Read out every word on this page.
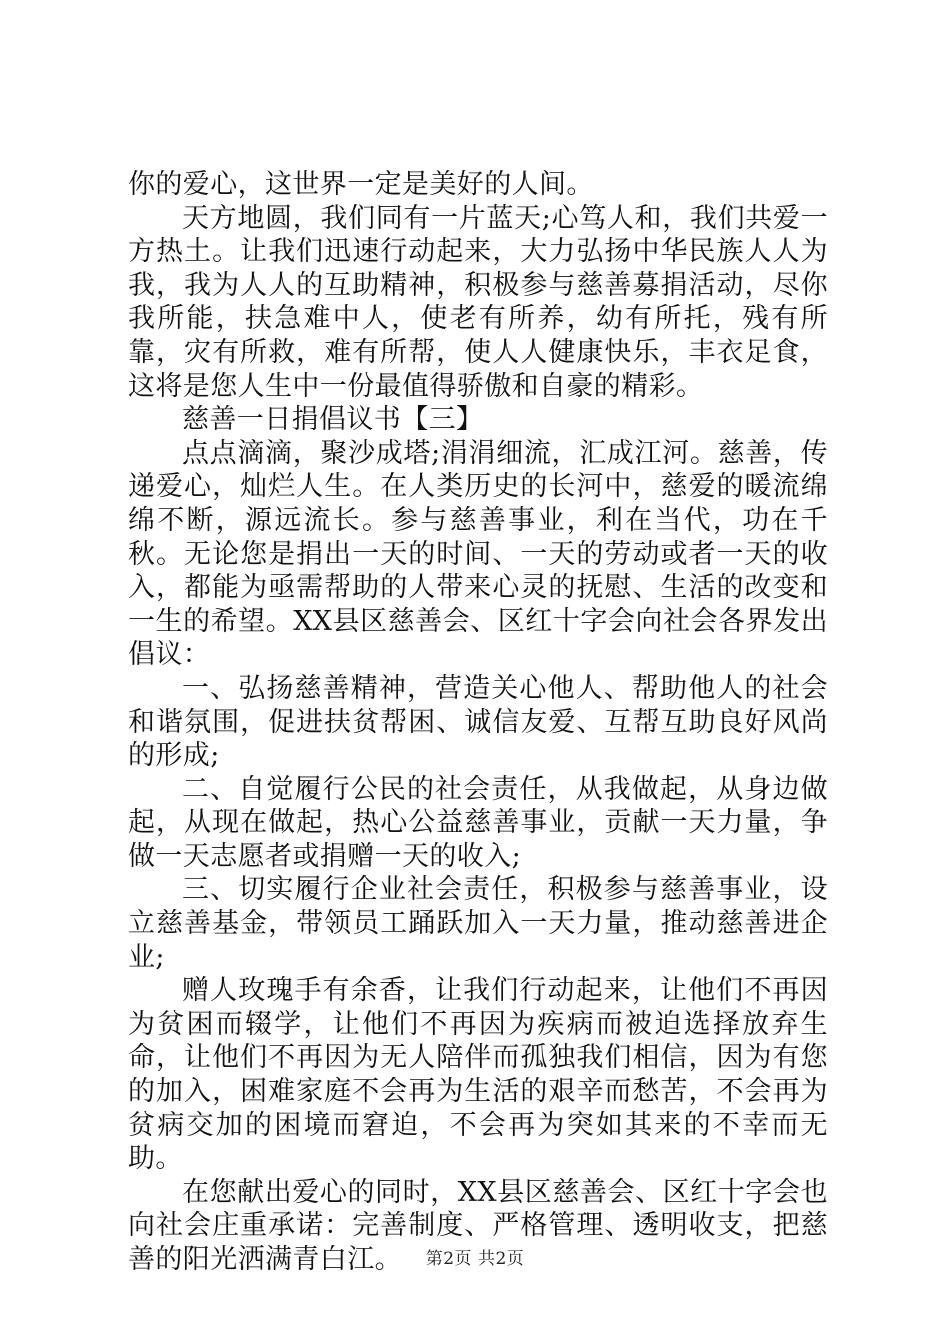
你的爱心，这世界一定是美好的人间。

天方地圆，我们同有一片蓝天;心笃人和，我们共爱一方热土。让我们迅速行动起来，大力弘扬中华民族人人为我，我为人人的互助精神，积极参与慈善募捐活动，尽你我所能，扶急难中人，使老有所养，幼有所托，残有所靠，灾有所救，难有所帮，使人人健康快乐，丰衣足食，这将是您人生中一份最值得骄傲和自豪的精彩。

慈善一日捐倡议书【三】

点点滴滴，聚沙成塔;涓涓细流，汇成江河。慈善，传递爱心，灿烂人生。在人类历史的长河中，慈爱的暖流绵绵不断，源远流长。参与慈善事业，利在当代，功在千秋。无论您是捐出一天的时间、一天的劳动或者一天的收入，都能为亟需帮助的人带来心灵的抚慰、生活的改变和一生的希望。XX县区慈善会、区红十字会向社会各界发出倡议：

一、弘扬慈善精神，营造关心他人、帮助他人的社会和谐氛围，促进扶贫帮困、诚信友爱、互帮互助良好风尚的形成;

二、自觉履行公民的社会责任，从我做起，从身边做起，从现在做起，热心公益慈善事业，贡献一天力量，争做一天志愿者或捐赠一天的收入;

三、切实履行企业社会责任，积极参与慈善事业，设立慈善基金，带领员工踊跃加入一天力量，推动慈善进企业;

赠人玫瑰手有余香，让我们行动起来，让他们不再因为贫困而辍学，让他们不再因为疾病而被迫选择放弃生命，让他们不再因为无人陪伴而孤独我们相信，因为有您的加入，困难家庭不会再为生活的艰辛而愁苦，不会再为贫病交加的困境而窘迫，不会再为突如其来的不幸而无助。

在您献出爱心的同时，XX县区慈善会、区红十字会也向社会庄重承诺：完善制度、严格管理、透明收支，把慈善的阳光洒满青白江。	第2页 共2页
